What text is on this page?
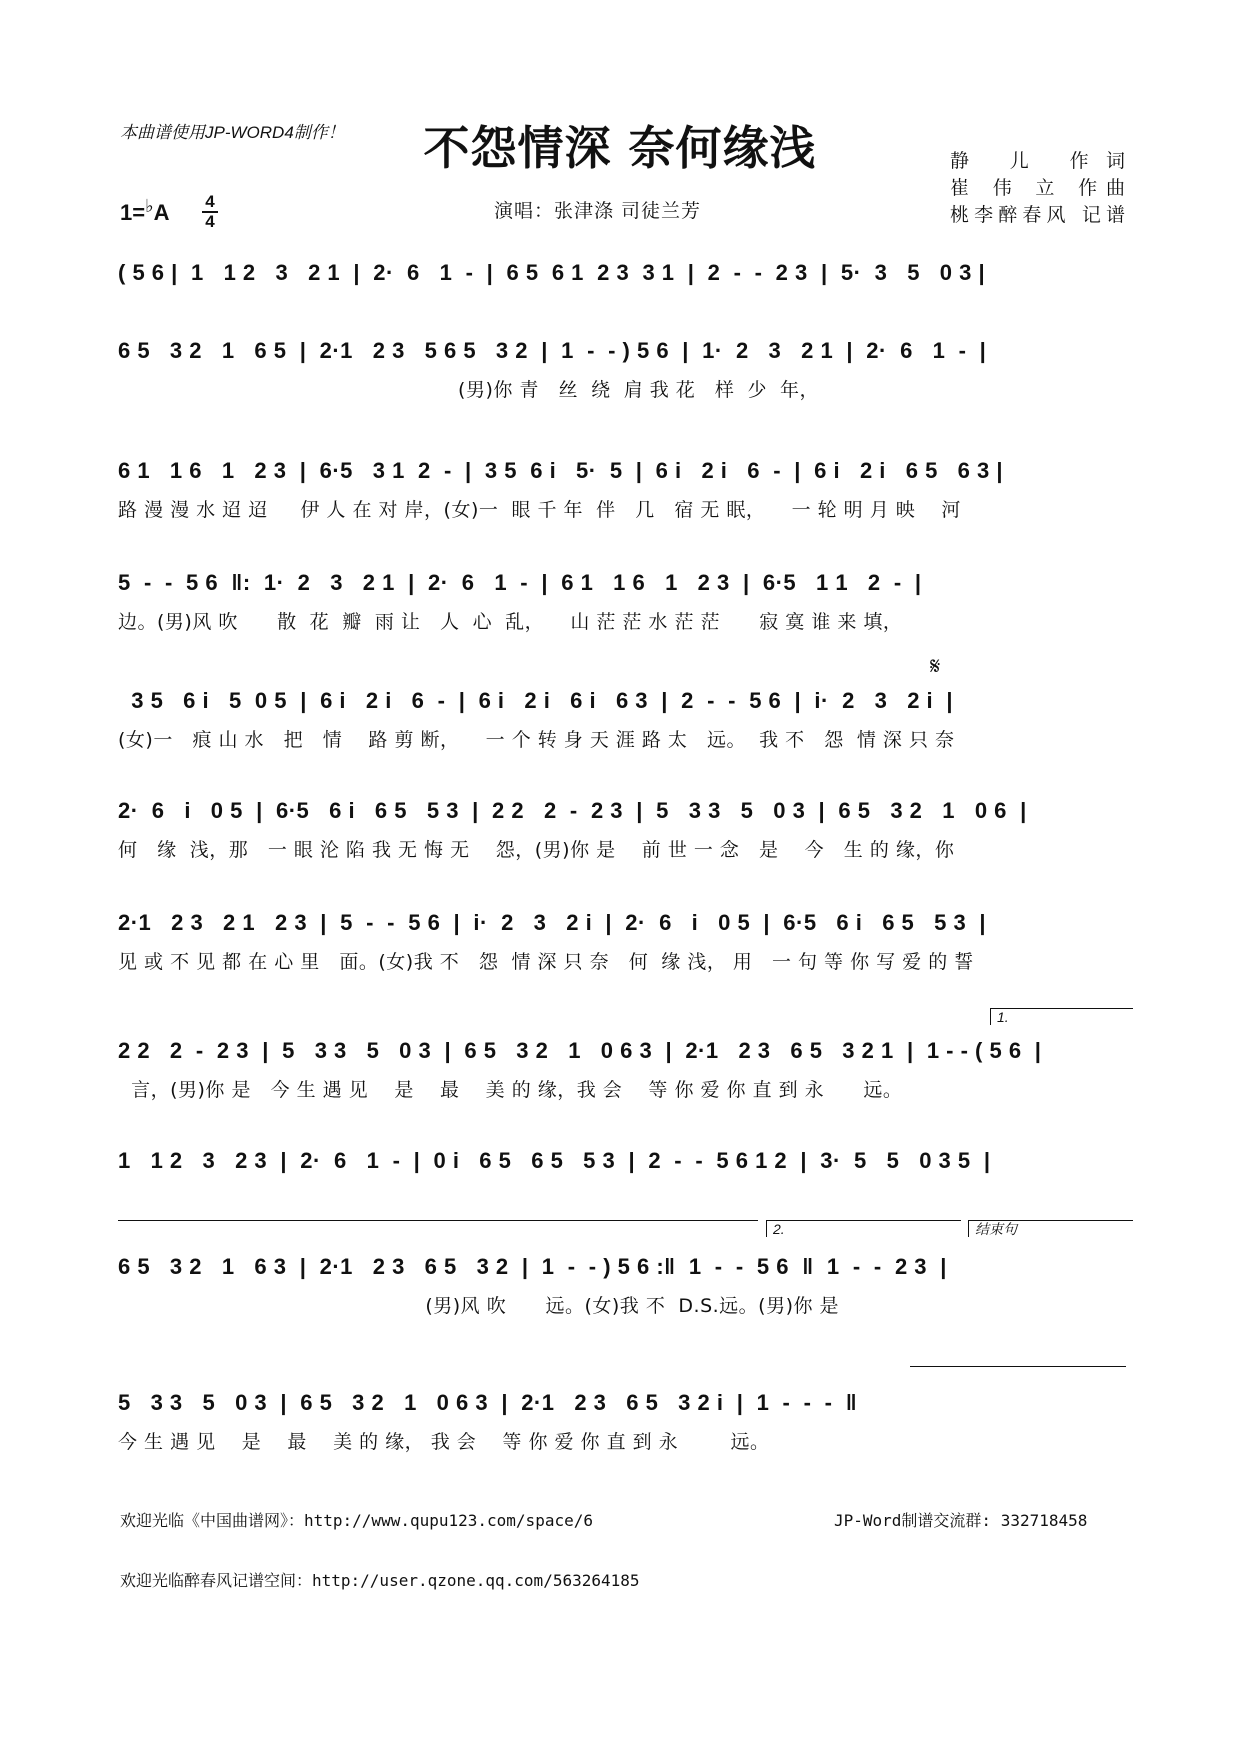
本曲谱使用JP-WORD4制作！	不怨情深 奈何缘浅	静 儿 作词
崔 伟 立 作曲
桃李醉春风 记谱
1=♭A	4
4	演唱：张津涤 司徒兰芳
( 5 6 |  1   1 2   3   2 1  |  2·  6   1  -  |  6 5  6 1  2 3  3 1  |  2  -  -  2 3  |  5·  3   5   0 3 |
6 5   3 2   1   6 5  |  2·1   2 3   5 6 5   3 2  |  1  -  - ) 5 6  |  1·  2   3   2 1  |  2·  6   1  -  |
(男)你 青   丝  绕  肩 我 花   样  少  年，
6 1   1 6   1   2 3  |  6·5   3 1  2  -  |  3 5  6 i   5·  5  |  6 i   2 i   6  -  |  6 i   2 i   6 5   6 3 |
路 漫 漫 水 迢 迢     伊 人 在 对 岸，(女)一  眼 千 年  伴   几   宿 无 眠，    一 轮 明 月 映    河
5  -  -  5 6  ‖:  1·  2   3   2 1  |  2·  6   1  -  |  6 1   1 6   1   2 3  |  6·5   1 1   2  -  |
边。(男)风 吹      散  花  瓣  雨 让   人  心  乱，    山 茫 茫 水 茫 茫      寂 寞 谁 来 填，
3 5   6 i   5  0 5  |  6 i   2 i   6  -  |  6 i   2 i   6 i   6 3  |  2  -  -  5 6  |  i·  2   3   2 i  |
(女)一   痕 山 水   把   情    路 剪 断，    一 个 转 身 天 涯 路 太   远。  我 不   怨  情 深 只 奈
2·  6   i   0 5  |  6·5   6 i   6 5   5 3  |  2 2   2  -  2 3  |  5   3 3   5   0 3  |  6 5   3 2   1   0 6  |
何   缘  浅，那   一 眼 沦 陷 我 无 悔 无    怨，(男)你 是    前 世 一 念   是    今   生 的 缘，你
2·1   2 3   2 1   2 3  |  5  -  -  5 6  |  i·  2   3   2 i  |  2·  6   i   0 5  |  6·5   6 i   6 5   5 3  |
见 或 不 见 都 在 心 里   面。(女)我 不   怨  情 深 只 奈   何  缘 浅， 用   一 句 等 你 写 爱 的 誓
2 2   2  -  2 3  |  5   3 3   5   0 3  |  6 5   3 2   1   0 6 3  |  2·1   2 3   6 5   3 2 1  |  1 - - ( 5 6  |
言，(男)你 是   今 生 遇 见    是    最    美 的 缘，我 会    等 你 爱 你 直 到 永      远。
1   1 2   3   2 3  |  2·  6   1  -  |  0 i   6 5   6 5   5 3  |  2  -  -  5 6 1 2  |  3·  5   5   0 3 5  |
6 5   3 2   1   6 3  |  2·1   2 3   6 5   3 2  |  1  -  - ) 5 6 :‖  1  -  -  5 6  ‖  1  -  -  2 3  |
(男)风 吹      远。(女)我 不  D.S.远。(男)你 是
5   3 3   5   0 3  |  6 5   3 2   1   0 6 3  |  2·1   2 3   6 5   3 2 i  |  1  -  -  -  ‖
今 生 遇 见    是    最    美 的 缘， 我 会    等 你 爱 你 直 到 永        远。
1.
2.	结束句
𝄋
欢迎光临《中国曲谱网》：http://www.qupu123.com/space/6	JP-Word制谱交流群: 332718458
欢迎光临醉春风记谱空间：http://user.qzone.qq.com/563264185
